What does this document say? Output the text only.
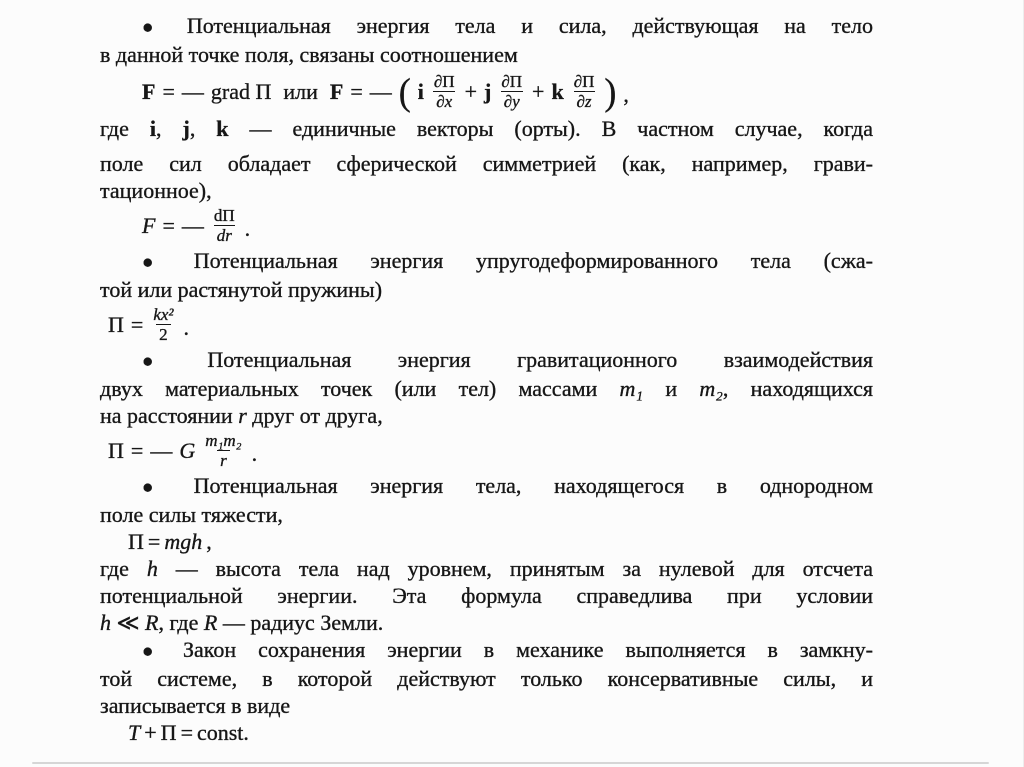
● Потенциальная энергия тела и сила, действующая на тело
в данной точке поля, связаны соотношением
F = — grad П или F = — ( i $\frac{\partial П}{\partial x} + j \frac{\partial П}{\partial y} + k \frac{\partial П}{\partial z}$ ) ,
где i, j, k — единичные векторы (орты). В частном случае, когда
поле сил обладает сферической симметрией (как, например, грави-
тационное),
F = — $\frac{dП}{dr}$ .
● Потенциальная энергия упругодеформированного тела (сжа-
той или растянутой пружины)
$П = \frac{\text{kx²}}{2}$ .
● Потенциальная энергия гравитационного взаимодействия
двух материальных точек (или тел) массами m₁ и m₂, находящихся
на расстоянии r друг от друга,
П = — G $\frac{\text{m₁m₂}}{r}$ .
● Потенциальная энергия тела, находящегося в однородном
поле силы тяжести,
П = mgh ,
где h — высота тела над уровнем, принятым за нулевой для отсчета
потенциальной энергии. Эта формула справедлива при условии
h ≪ R, где R — радиус Земли.
● Закон сохранения энергии в механике выполняется в замкну-
той системе, в которой действуют только консервативные силы, и
записывается в виде
T + П = const.
